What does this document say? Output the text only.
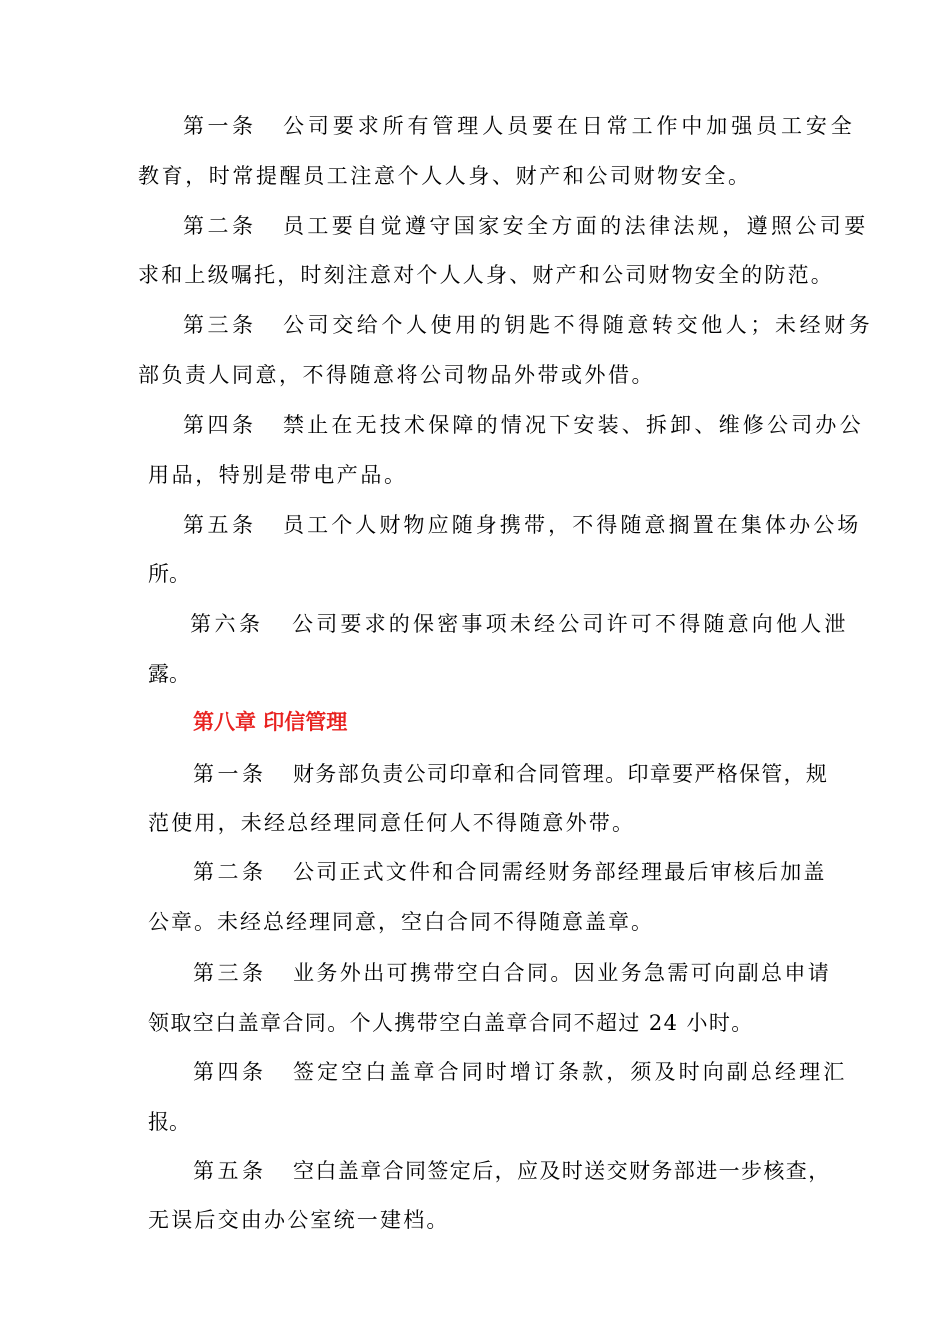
第一条 公司要求所有管理人员要在日常工作中加强员工安全
教育，时常提醒员工注意个人人身、财产和公司财物安全。
第二条 员工要自觉遵守国家安全方面的法律法规，遵照公司要
求和上级嘱托，时刻注意对个人人身、财产和公司财物安全的防范。
第三条 公司交给个人使用的钥匙不得随意转交他人；未经财务
部负责人同意，不得随意将公司物品外带或外借。
第四条 禁止在无技术保障的情况下安装、拆卸、维修公司办公
用品，特别是带电产品。
第五条 员工个人财物应随身携带，不得随意搁置在集体办公场
所。
第六条 公司要求的保密事项未经公司许可不得随意向他人泄
露。
第八章 印信管理
第一条 财务部负责公司印章和合同管理。印章要严格保管，规
范使用，未经总经理同意任何人不得随意外带。
第二条 公司正式文件和合同需经财务部经理最后审核后加盖
公章。未经总经理同意，空白合同不得随意盖章。
第三条 业务外出可携带空白合同。因业务急需可向副总申请
领取空白盖章合同。个人携带空白盖章合同不超过 24 小时。
第四条 签定空白盖章合同时增订条款，须及时向副总经理汇
报。
第五条 空白盖章合同签定后，应及时送交财务部进一步核查，
无误后交由办公室统一建档。
